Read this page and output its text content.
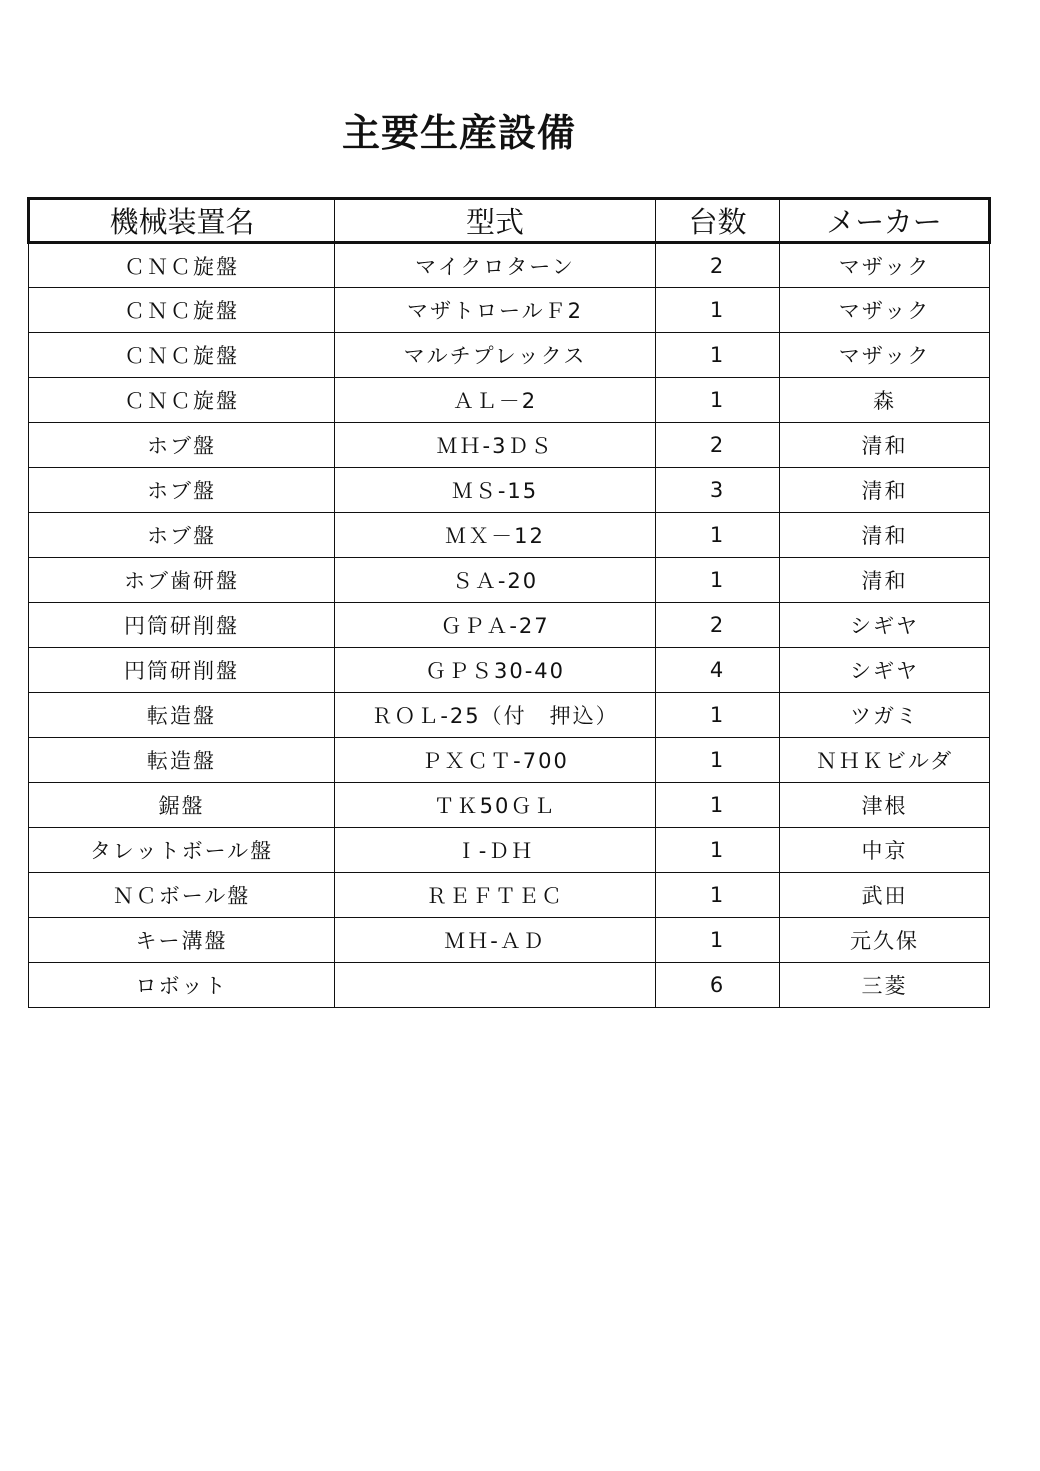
主要生産設備
機械装置名	型式	台数	メーカー
ＣＮＣ旋盤	マイクロターン	2	マザック
ＣＮＣ旋盤	マザトロールＦ2	1	マザック
ＣＮＣ旋盤	マルチプレックス	1	マザック
ＣＮＣ旋盤	ＡＬ－2	1	森
ホブ盤	ＭＨ-3ＤＳ	2	清和
ホブ盤	ＭＳ-15	3	清和
ホブ盤	ＭＸ－12	1	清和
ホブ歯研盤	ＳＡ-20	1	清和
円筒研削盤	ＧＰＡ-27	2	シギヤ
円筒研削盤	ＧＰＳ30-40	4	シギヤ
転造盤	ＲＯＬ-25（付　押込）	1	ツガミ
転造盤	ＰＸＣＴ-700	1	ＮＨＫビルダ
鋸盤	ＴＫ50ＧＬ	1	津根
タレットボール盤	Ｉ-ＤＨ	1	中京
ＮＣボール盤	ＲＥＦＴＥＣ	1	武田
キー溝盤	ＭＨ-ＡＤ	1	元久保
ロボット		6	三菱
